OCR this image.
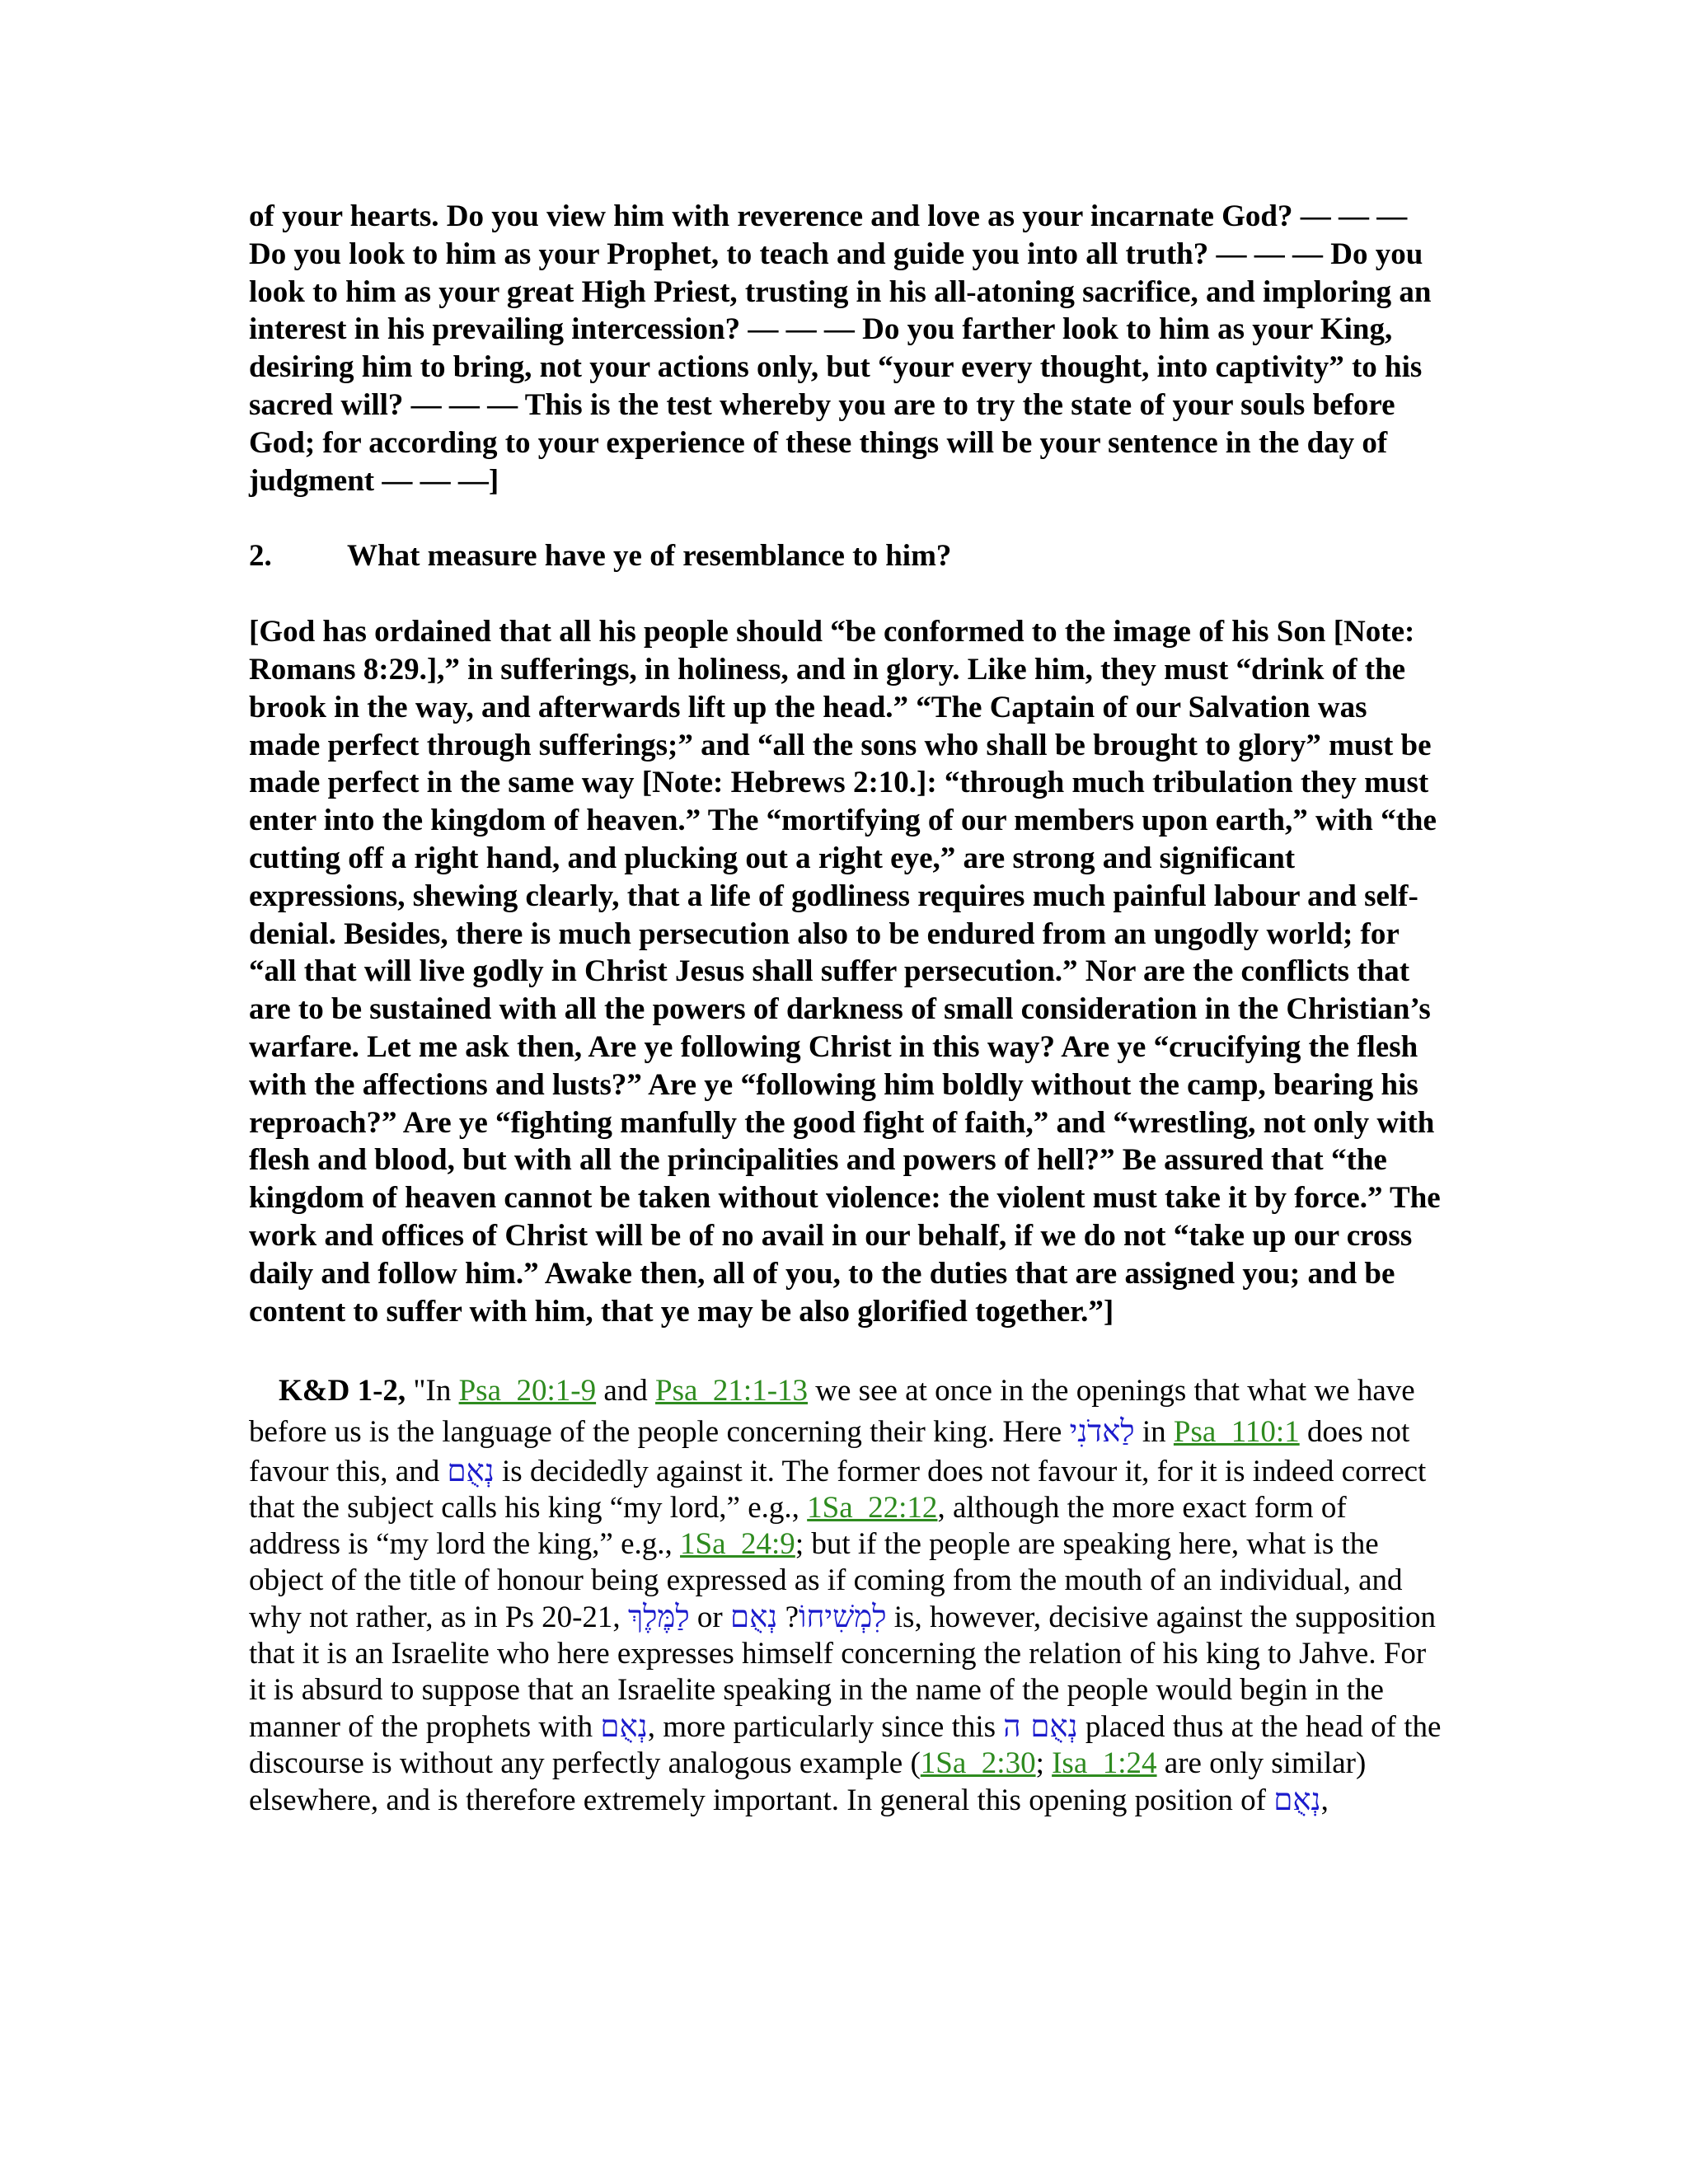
of your hearts. Do you view him with reverence and love as your incarnate God? — — — Do you look to him as your Prophet, to teach and guide you into all truth? — — — Do you look to him as your great High Priest, trusting in his all-atoning sacrifice, and imploring an interest in his prevailing intercession? — — — Do you farther look to him as your King, desiring him to bring, not your actions only, but “your every thought, into captivity” to his sacred will? — — — This is the test whereby you are to try the state of your souls before God; for according to your experience of these things will be your sentence in the day of judgment — — —]

2.	What measure have ye of resemblance to him?

[God has ordained that all his people should “be conformed to the image of his Son [Note: Romans 8:29.],” in sufferings, in holiness, and in glory. Like him, they must “drink of the brook in the way, and afterwards lift up the head.” “The Captain of our Salvation was made perfect through sufferings;” and “all the sons who shall be brought to glory” must be made perfect in the same way [Note: Hebrews 2:10.]: “through much tribulation they must enter into the kingdom of heaven.” The “mortifying of our members upon earth,” with “the cutting off a right hand, and plucking out a right eye,” are strong and significant expressions, shewing clearly, that a life of godliness requires much painful labour and self-denial. Besides, there is much persecution also to be endured from an ungodly world; for “all that will live godly in Christ Jesus shall suffer persecution.” Nor are the conflicts that are to be sustained with all the powers of darkness of small consideration in the Christian’s warfare. Let me ask then, Are ye following Christ in this way? Are ye “crucifying the flesh with the affections and lusts?” Are ye “following him boldly without the camp, bearing his reproach?” Are ye “fighting manfully the good fight of faith,” and “wrestling, not only with flesh and blood, but with all the principalities and powers of hell?” Be assured that “the kingdom of heaven cannot be taken without violence: the violent must take it by force.” The work and offices of Christ will be of no avail in our behalf, if we do not “take up our cross daily and follow him.” Awake then, all of you, to the duties that are assigned you; and be content to suffer with him, that ye may be also glorified together.”]

K&D 1-2, "In Psa_20:1-9 and Psa_21:1-13 we see at once in the openings that what we have before us is the language of the people concerning their king. Here לַאדֹנִי in Psa_110:1 does not favour this, and נְאֻם is decidedly against it. The former does not favour it, for it is indeed correct that the subject calls his king “my lord,” e.g., 1Sa_22:12, although the more exact form of address is “my lord the king,” e.g., 1Sa_24:9; but if the people are speaking here, what is the object of the title of honour being expressed as if coming from the mouth of an individual, and why not rather, as in Ps 20-21, לַמֶּלֶךְ or לִמְשִׁיחוֹ? נְאֻם	is, however, decisive against the supposition that it is an Israelite who here expresses himself concerning the relation of his king to Jahve. For it is absurd to suppose that an Israelite speaking in the name of the people would begin in the manner of the prophets with נְאֻם, more particularly since this נְאֻם ה placed thus at the head of the discourse is without any perfectly analogous example (1Sa_2:30; Isa_1:24 are only similar) elsewhere, and is therefore extremely important. In general this opening position of נְאֻם,
